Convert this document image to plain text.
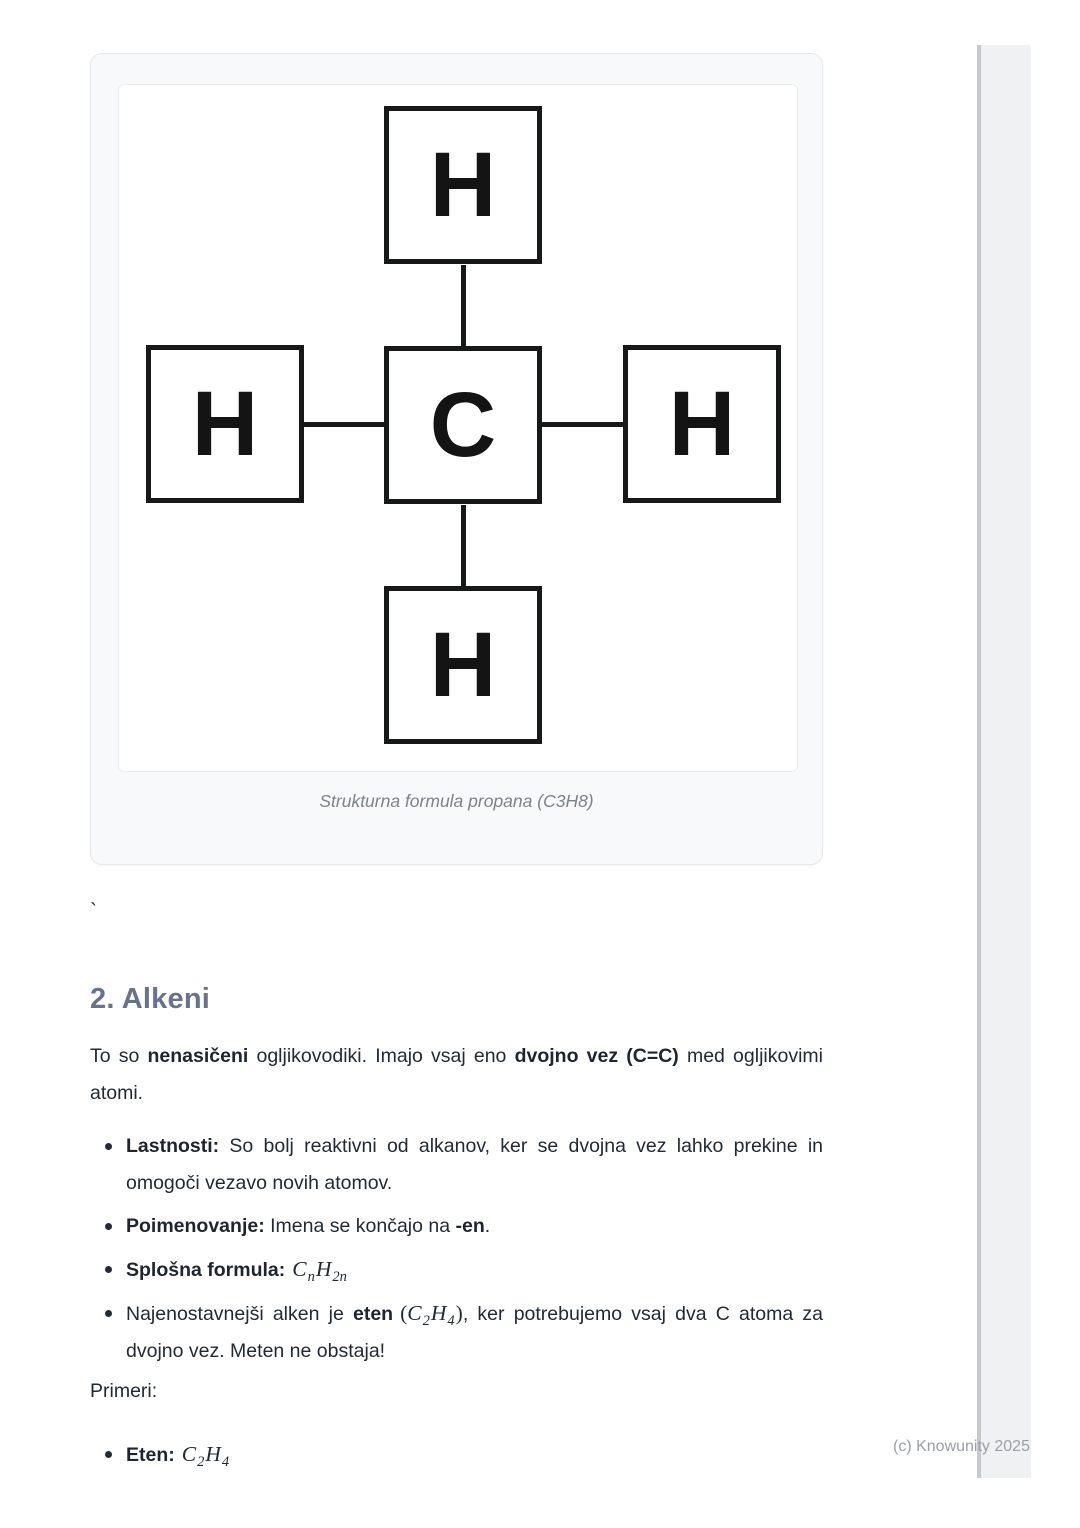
H
H	C	H
H
Strukturna formula propana (C3H8)
`
2. Alkeni

To so nenasičeni ogljikovodiki. Imajo vsaj eno dvojno vez (C=C) med ogljikovimi atomi.

Lastnosti: So bolj reaktivni od alkanov, ker se dvojna vez lahko prekine in omogoči vezavo novih atomov.
Poimenovanje: Imena se končajo na -en.
Splošna formula: $C_nH_{2n}$
Najenostavnejši alken je eten $(C_2H_4)$, ker potrebujemo vsaj dva C atoma za dvojno vez. Meten ne obstaja!
Primeri:
Eten: $C_2H_4$
(c) Knowunity 2025
